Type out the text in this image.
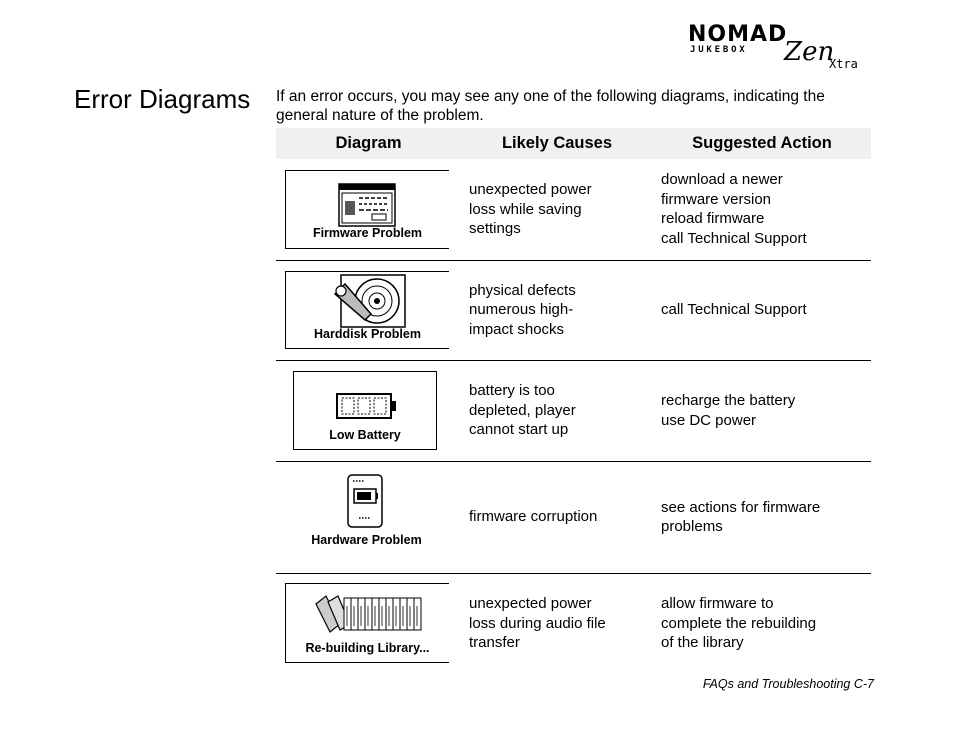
NOMAD
JUKEBOX Zen
Xtra
Error Diagrams If an error occurs, you may see any one of the following diagrams, indicating the general nature of the problem.

Diagram	Likely Causes	Suggested Action

Firmware Problem	unexpected power
loss while saving
settings	download a newer
firmware version
reload firmware
call Technical Support

Harddisk Problem	physical defects
numerous high-
impact shocks	call Technical Support

Low Battery	battery is too
depleted, player
cannot start up	recharge the battery
use DC power

Hardware Problem	firmware corruption	see actions for firmware
problems

Re-building Library...	unexpected power
loss during audio file
transfer	allow firmware to
complete the rebuilding
of the library
FAQs and Troubleshooting C-7
